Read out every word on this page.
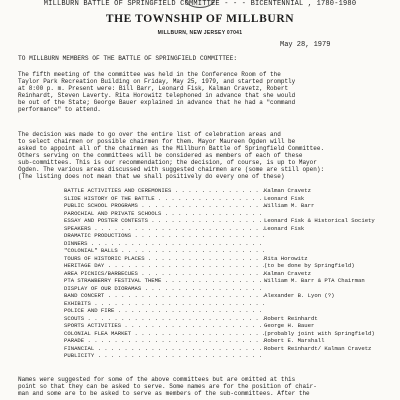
MILLBURN BATTLE OF SPRINGFIELD COMMITTEE - - - BICENTENNIAL , 1780-1980
THE TOWNSHIP OF MILLBURN
MILLBURN, NEW JERSEY 07041
May 28, 1979
TO MILLBURN MEMBERS OF THE BATTLE OF SPRINGFIELD COMMITTEE:
The fifth meeting of the committee was held in the Conference Room of the
Taylor Park Recreation Building on Friday, May 25, 1979, and started promptly
at 8:00 p. m. Present were: Bill Barr, Leonard Fisk, Kalman Cravetz, Robert
Reinhardt, Steven Laverty. Rita Horowitz telephoned in advance that she would
be out of the State; George Bauer explained in advance that he had a "command
performance" to attend.
The decision was made to go over the entire list of celebration areas and
to select chairmen or possible chairmen for them. Mayor Maureen Ogden will be
asked to appoint all of the chairmen as the Millburn Battle of Springfield Committee.
Others serving on the committees will be considered as members of each of these
sub-committees. This is our recommendation; the decision, of course, is up to Mayor
Ogden. The various areas discussed with suggested chairmen are (some are still open):
(The listing does not mean that we shall positively do every one of these)
BATTLE ACTIVITIES AND CEREMONIES . . .	Kalman Cravetz
SLIDE HISTORY OF THE BATTLE . . .	Leonard Fisk
PUBLIC SCHOOL PROGRAMS . . .	William M. Barr
PAROCHIAL AND PRIVATE SCHOOLS . . .
ESSAY AND POSTER CONTESTS . . .	Leonard Fisk & Historical Society
SPEAKERS . . .	Leonard Fisk
DRAMATIC PRODUCTIONS . . .
DINNERS . . .
"COLONIAL" BALLS . . .
TOURS OF HISTORIC PLACES . . .	Rita Horowitz
HERITAGE DAY . . .	(to be done by Springfield)
AREA PICNICS/BARBECUES . . .	Kalman Cravetz
PTA STRAWBERRY FESTIVAL THEME . . .	William M. Barr & PTA Chairman
DISPLAY OF OUR DIORAMAS . . .
BAND CONCERT . . .	Alexander B. Lyon (?)
EXHIBITS . . .
POLICE AND FIRE . . .
SCOUTS . . .	Robert Reinhardt
SPORTS ACTIVITIES . . .	George H. Bauer
COLONIAL FLEA MARKET . . .	(probably joint with Springfield)
PARADE . . .	Robert E. Marshall
FINANCIAL . . .	Robert Reinhardt/ Kalman Cravetz
PUBLICITY . . .
Names were suggested for some of the above committees but are omitted at this
point so that they can be asked to serve. Some names are for the position of chair-
man and some are to be asked to serve as members of the sub-committees. After the
